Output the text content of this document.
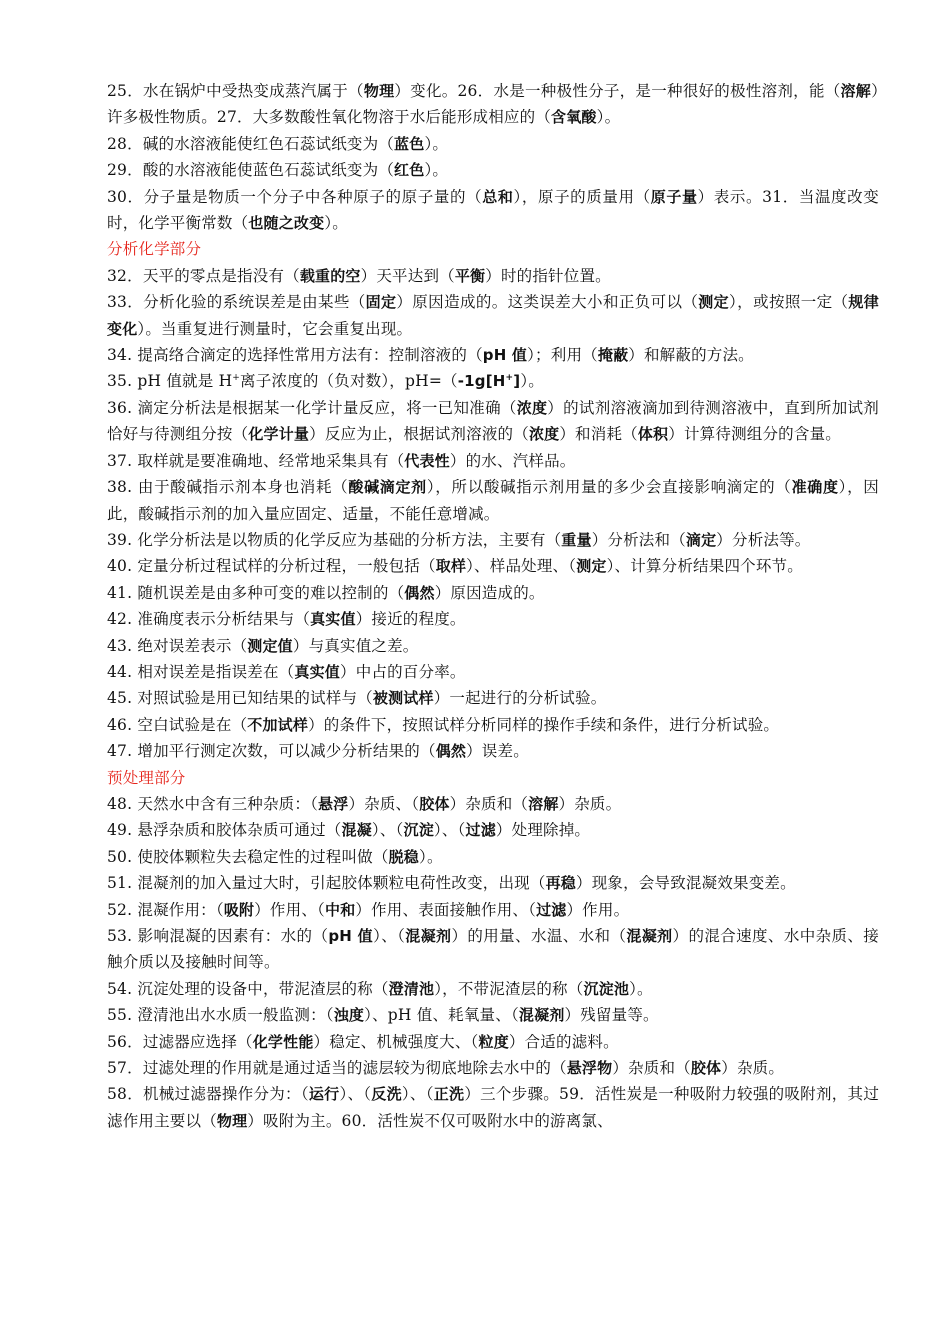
25．水在锅炉中受热变成蒸汽属于（物理）变化。26．水是一种极性分子，是一种很好的极性溶剂，能（溶解）许多极性物质。27．大多数酸性氧化物溶于水后能形成相应的（含氧酸）。
28．碱的水溶液能使红色石蕊试纸变为（蓝色）。
29．酸的水溶液能使蓝色石蕊试纸变为（红色）。
30．分子量是物质一个分子中各种原子的原子量的（总和），原子的质量用（原子量）表示。31．当温度改变时，化学平衡常数（也随之改变）。
分析化学部分
32．天平的零点是指没有（载重的空）天平达到（平衡）时的指针位置。
33．分析化验的系统误差是由某些（固定）原因造成的。这类误差大小和正负可以（测定），或按照一定（规律变化）。当重复进行测量时，它会重复出现。
34. 提高络合滴定的选择性常用方法有：控制溶液的（pH 值）；利用（掩蔽）和解蔽的方法。
35. pH 值就是 H+离子浓度的（负对数），pH=（-1g[H+]）。
36. 滴定分析法是根据某一化学计量反应，将一已知准确（浓度）的试剂溶液滴加到待测溶液中，直到所加试剂恰好与待测组分按（化学计量）反应为止，根据试剂溶液的（浓度）和消耗（体积）计算待测组分的含量。
37. 取样就是要准确地、经常地采集具有（代表性）的水、汽样品。
38. 由于酸碱指示剂本身也消耗（酸碱滴定剂），所以酸碱指示剂用量的多少会直接影响滴定的（准确度），因此，酸碱指示剂的加入量应固定、适量，不能任意增减。
39. 化学分析法是以物质的化学反应为基础的分析方法，主要有（重量）分析法和（滴定）分析法等。
40. 定量分析过程试样的分析过程，一般包括（取样）、样品处理、（测定）、计算分析结果四个环节。
41. 随机误差是由多种可变的难以控制的（偶然）原因造成的。
42. 准确度表示分析结果与（真实值）接近的程度。
43. 绝对误差表示（测定值）与真实值之差。
44. 相对误差是指误差在（真实值）中占的百分率。
45. 对照试验是用已知结果的试样与（被测试样）一起进行的分析试验。
46. 空白试验是在（不加试样）的条件下，按照试样分析同样的操作手续和条件，进行分析试验。
47. 增加平行测定次数，可以减少分析结果的（偶然）误差。
预处理部分
48. 天然水中含有三种杂质：（悬浮）杂质、（胶体）杂质和（溶解）杂质。
49. 悬浮杂质和胶体杂质可通过（混凝）、（沉淀）、（过滤）处理除掉。
50. 使胶体颗粒失去稳定性的过程叫做（脱稳）。
51. 混凝剂的加入量过大时，引起胶体颗粒电荷性改变，出现（再稳）现象，会导致混凝效果变差。
52. 混凝作用：（吸附）作用、（中和）作用、表面接触作用、（过滤）作用。
53. 影响混凝的因素有：水的（pH 值）、（混凝剂）的用量、水温、水和（混凝剂）的混合速度、水中杂质、接触介质以及接触时间等。
54. 沉淀处理的设备中，带泥渣层的称（澄清池），不带泥渣层的称（沉淀池）。
55. 澄清池出水水质一般监测：（浊度）、pH 值、耗氧量、（混凝剂）残留量等。
56．过滤器应选择（化学性能）稳定、机械强度大、（粒度）合适的滤料。
57．过滤处理的作用就是通过适当的滤层较为彻底地除去水中的（悬浮物）杂质和（胶体）杂质。
58．机械过滤器操作分为：（运行）、（反洗）、（正洗）三个步骤。59．活性炭是一种吸附力较强的吸附剂，其过滤作用主要以（物理）吸附为主。60．活性炭不仅可吸附水中的游离氯、
